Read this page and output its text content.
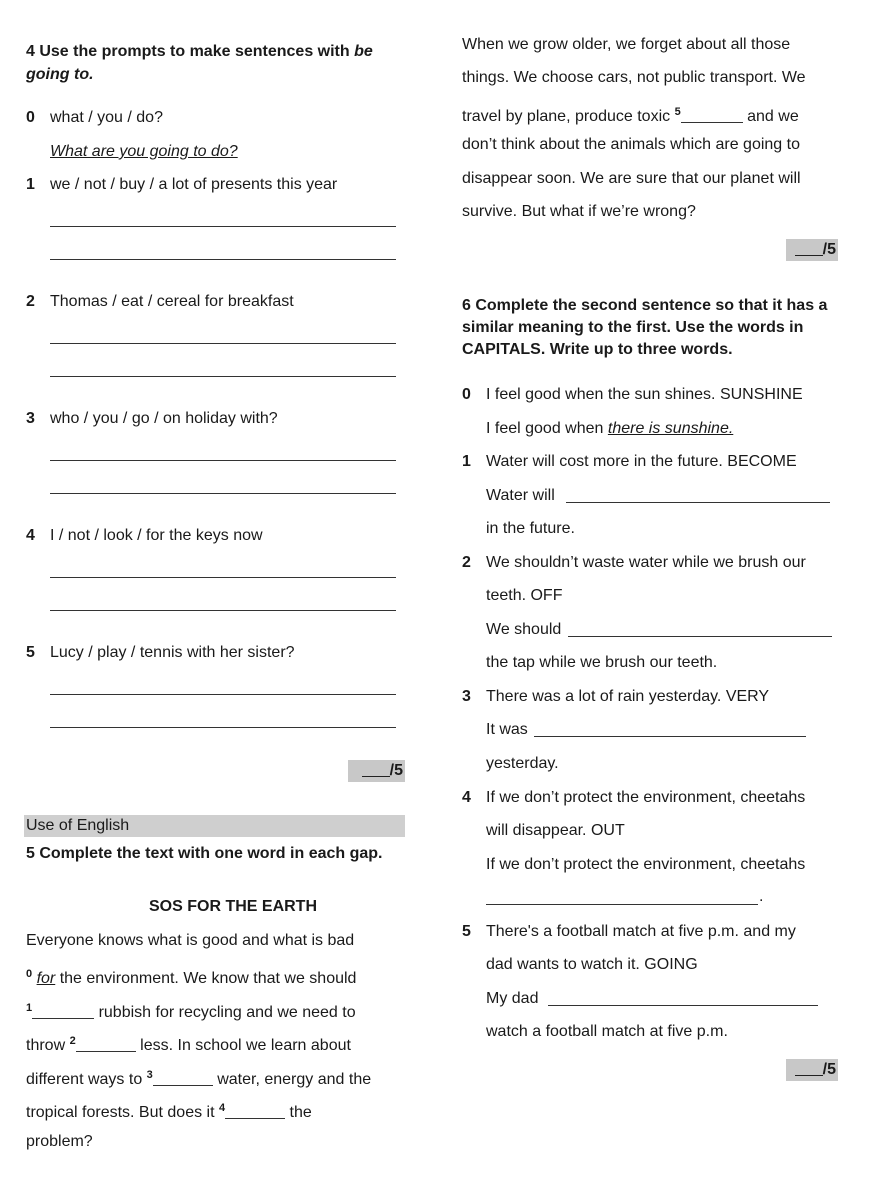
4 Use the prompts to make sentences with be
going to.
0 what / you / do?
What are you going to do?
1 we / not / buy / a lot of presents this year
2 Thomas / eat / cereal for breakfast
3 who / you / go / on holiday with?
4 I / not / look / for the keys now
5 Lucy / play / tennis with her sister?
/5
Use of English
5 Complete the text with one word in each gap.
SOS FOR THE EARTH
Everyone knows what is good and what is bad
$^0$ for the environment. We know that we should
$^1$	rubbish for recycling and we need to
throw $^2$	less. In school we learn about
different ways to $^3$	water, energy and the
tropical forests. But does it $^4$	the
problem?
When we grow older, we forget about all those
things. We choose cars, not public transport. We
travel by plane, produce toxic $^5$	and we
don’t think about the animals which are going to
disappear soon. We are sure that our planet will
survive. But what if we’re wrong?
/5
6 Complete the second sentence so that it has a
similar meaning to the first. Use the words in
CAPITALS. Write up to three words.
0 I feel good when the sun shines. SUNSHINE
I feel good when there is sunshine.
1 Water will cost more in the future. BECOME
Water will
in the future.
2 We shouldn’t waste water while we brush our
teeth. OFF
We should
the tap while we brush our teeth.
3 There was a lot of rain yesterday. VERY
It was
yesterday.
4 If we don’t protect the environment, cheetahs
will disappear. OUT
If we don’t protect the environment, cheetahs
.
5 There's a football match at five p.m. and my
dad wants to watch it. GOING
My dad
watch a football match at five p.m.
/5
